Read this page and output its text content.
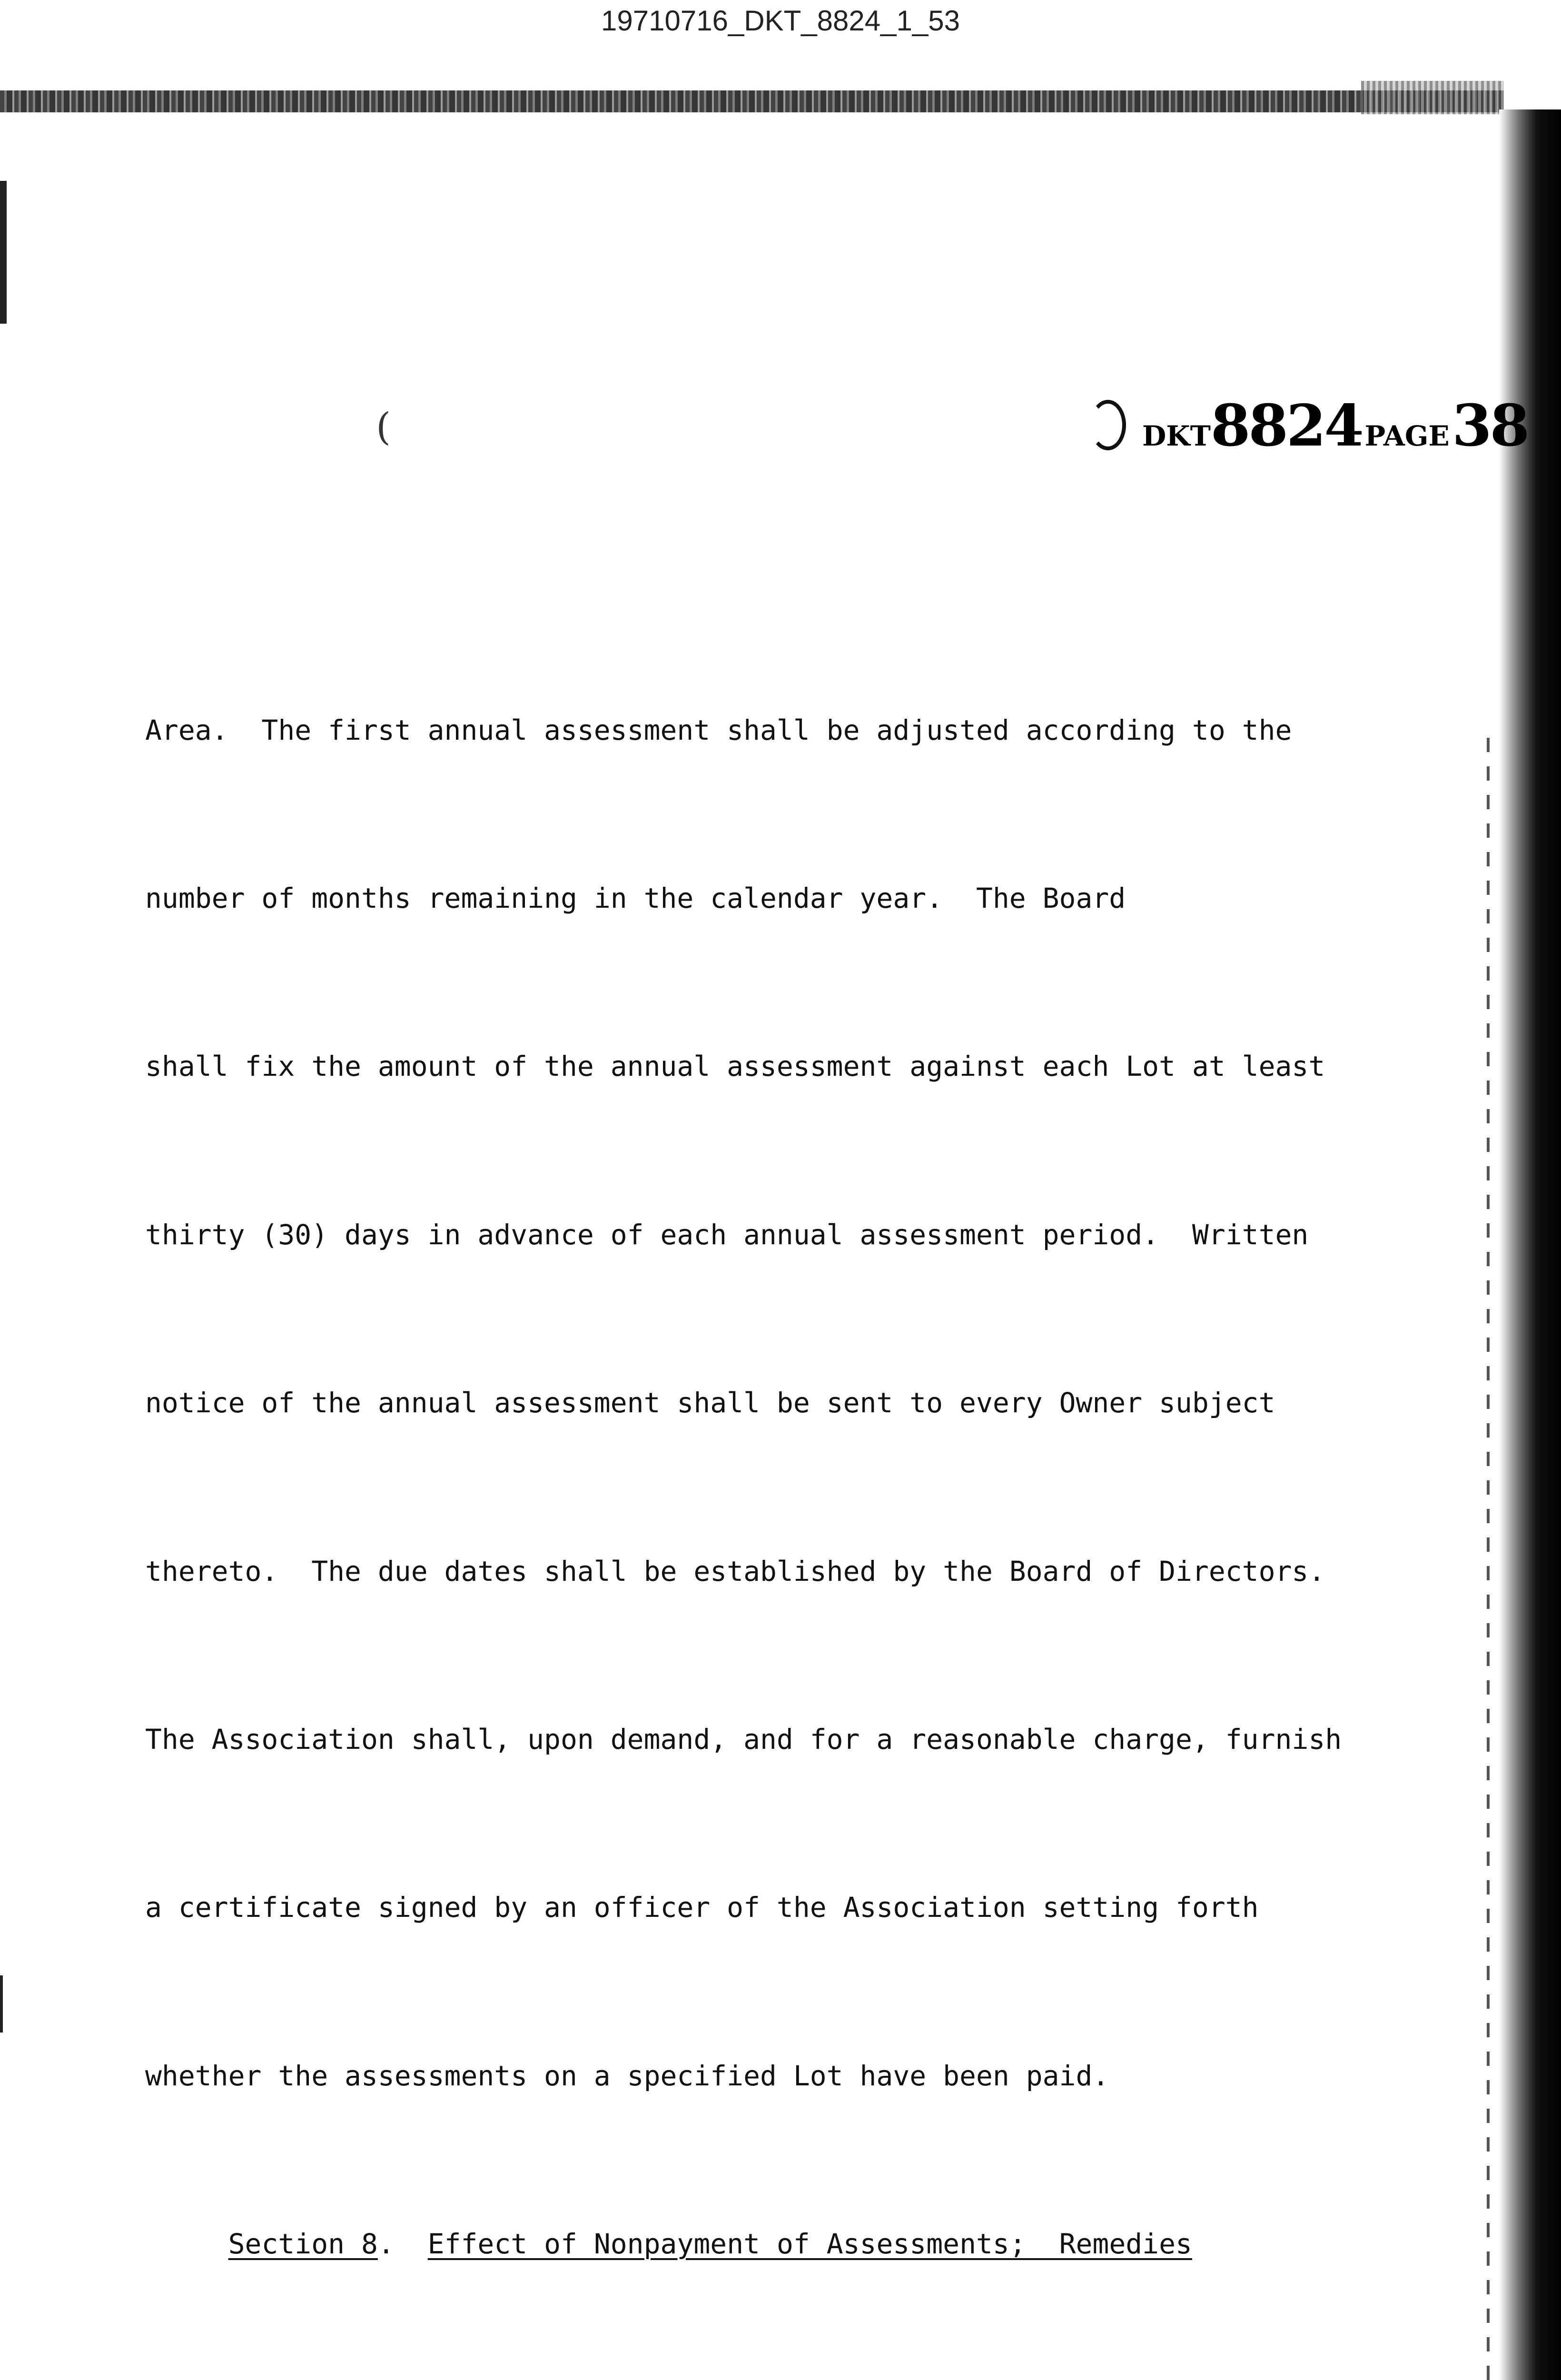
19710716_DKT_8824_1_53
(	DKT8824 PAGE 38

Area.  The first annual assessment shall be adjusted according to the

number of months remaining in the calendar year.  The Board

shall fix the amount of the annual assessment against each Lot at least

thirty (30) days in advance of each annual assessment period.  Written

notice of the annual assessment shall be sent to every Owner subject

thereto.  The due dates shall be established by the Board of Directors.

The Association shall, upon demand, and for a reasonable charge, furnish

a certificate signed by an officer of the Association setting forth

whether the assessments on a specified Lot have been paid.

Section 8.  Effect of Nonpayment of Assessments;  Remedies
